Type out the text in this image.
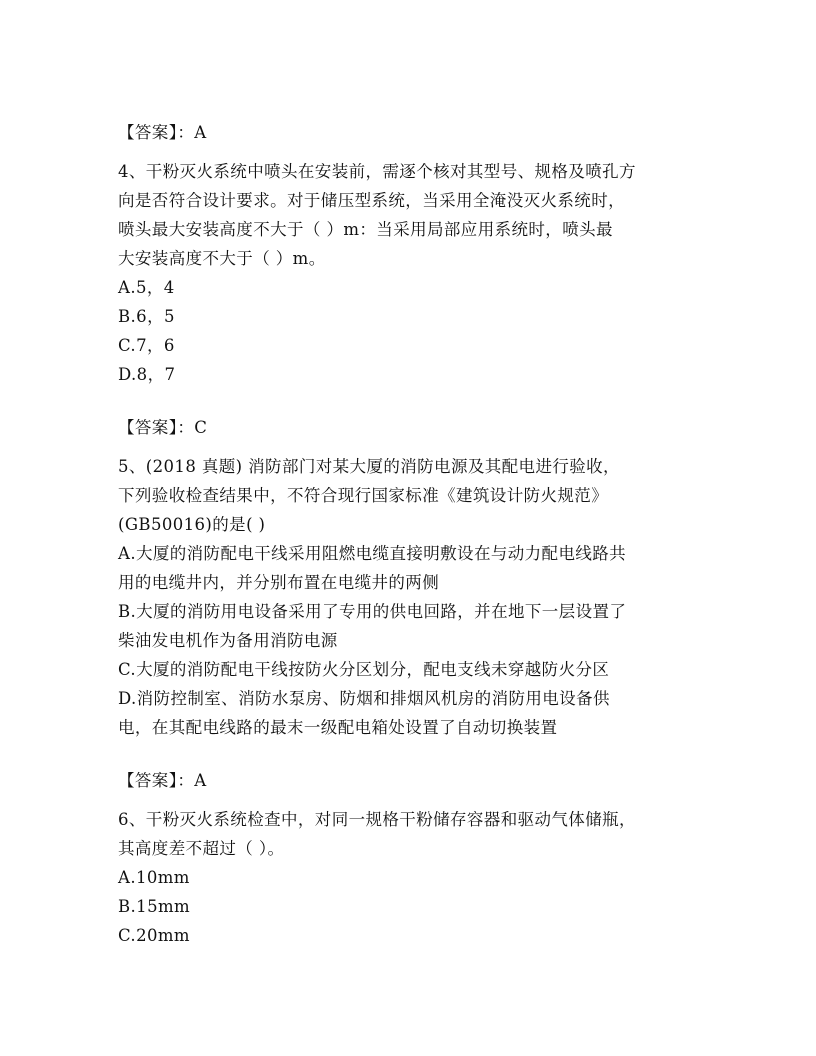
【答案】：A
4、干粉灭火系统中喷头在安装前，需逐个核对其型号、规格及喷孔方
向是否符合设计要求。对于储压型系统，当采用全淹没灭火系统时，
喷头最大安装高度不大于（ ）m：当采用局部应用系统时，喷头最
大安装高度不大于（ ）m。
A.5，4
B.6，5
C.7，6
D.8，7
【答案】：C
5、(2018 真题) 消防部门对某大厦的消防电源及其配电进行验收，
下列验收检查结果中，不符合现行国家标准《建筑设计防火规范》
(GB50016)的是( )
A.大厦的消防配电干线采用阻燃电缆直接明敷设在与动力配电线路共
用的电缆井内，并分别布置在电缆井的两侧
B.大厦的消防用电设备采用了专用的供电回路，并在地下一层设置了
柴油发电机作为备用消防电源
C.大厦的消防配电干线按防火分区划分，配电支线未穿越防火分区
D.消防控制室、消防水泵房、防烟和排烟风机房的消防用电设备供
电，在其配电线路的最末一级配电箱处设置了自动切换装置
【答案】：A
6、干粉灭火系统检查中，对同一规格干粉储存容器和驱动气体储瓶，
其高度差不超过（ ）。
A.10mm
B.15mm
C.20mm
